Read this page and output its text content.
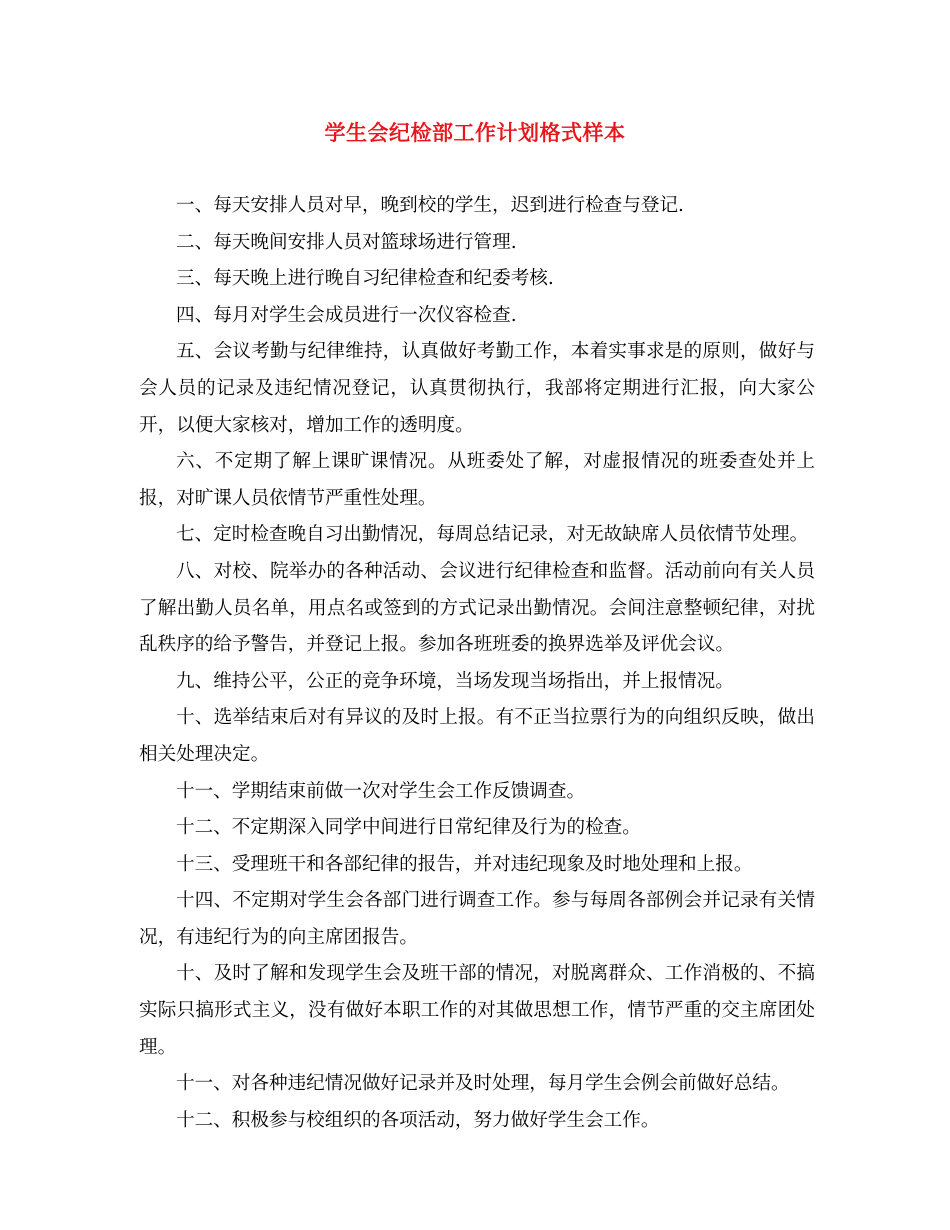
学生会纪检部工作计划格式样本

一、每天安排人员对早，晚到校的学生，迟到进行检查与登记.

二、每天晚间安排人员对篮球场进行管理.

三、每天晚上进行晚自习纪律检查和纪委考核.

四、每月对学生会成员进行一次仪容检查.

五、会议考勤与纪律维持，认真做好考勤工作，本着实事求是的原则，做好与会人员的记录及违纪情况登记，认真贯彻执行，我部将定期进行汇报，向大家公开，以便大家核对，增加工作的透明度。

六、不定期了解上课旷课情况。从班委处了解，对虚报情况的班委查处并上报，对旷课人员依情节严重性处理。

七、定时检查晚自习出勤情况，每周总结记录，对无故缺席人员依情节处理。

八、对校、院举办的各种活动、会议进行纪律检查和监督。活动前向有关人员了解出勤人员名单，用点名或签到的方式记录出勤情况。会间注意整顿纪律，对扰乱秩序的给予警告，并登记上报。参加各班班委的换界选举及评优会议。

九、维持公平，公正的竞争环境，当场发现当场指出，并上报情况。

十、选举结束后对有异议的及时上报。有不正当拉票行为的向组织反映，做出相关处理决定。

十一、学期结束前做一次对学生会工作反馈调查。

十二、不定期深入同学中间进行日常纪律及行为的检查。

十三、受理班干和各部纪律的报告，并对违纪现象及时地处理和上报。

十四、不定期对学生会各部门进行调查工作。参与每周各部例会并记录有关情况，有违纪行为的向主席团报告。

十、及时了解和发现学生会及班干部的情况，对脱离群众、工作消极的、不搞实际只搞形式主义，没有做好本职工作的对其做思想工作，情节严重的交主席团处理。

十一、对各种违纪情况做好记录并及时处理，每月学生会例会前做好总结。

十二、积极参与校组织的各项活动，努力做好学生会工作。
